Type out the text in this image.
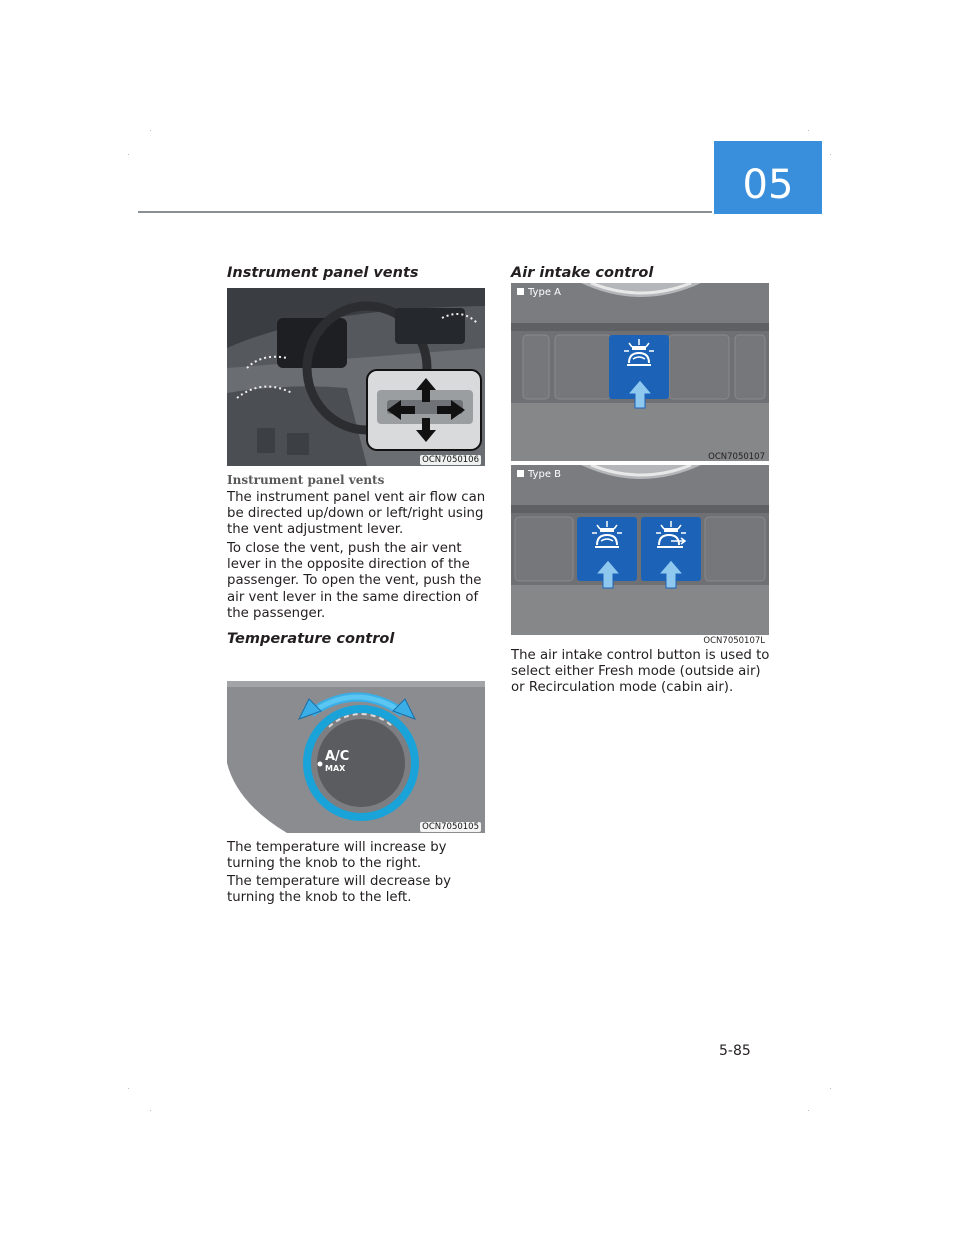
05
Instrument panel vents
OCN7050106
Instrument panel vents

The instrument panel vent air flow can be directed up/down or left/right using the vent adjustment lever.

To close the vent, push the air vent lever in the opposite direction of the passenger. To open the vent, push the air vent lever in the same direction of the passenger.

Temperature control
A/C
MAX
OCN7050105

The temperature will increase by turning the knob to the right.

The temperature will decrease by turning the knob to the left.

Air intake control
Type A
OCN7050107
Type B
OCN7050107L

The air intake control button is used to select either Fresh mode (outside air) or Recirculation mode (cabin air).

5-85
